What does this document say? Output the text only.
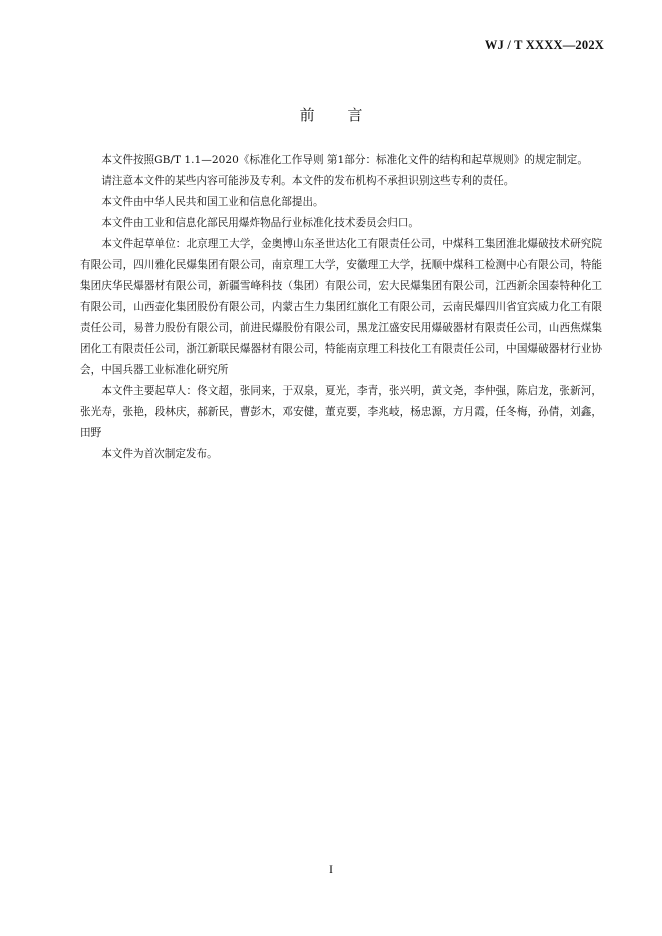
WJ / T XXXX—202X
前 言

本文件按照GB/T 1.1—2020《标准化工作导则 第1部分：标准化文件的结构和起草规则》的规定制定。

请注意本文件的某些内容可能涉及专利。本文件的发布机构不承担识别这些专利的责任。

本文件由中华人民共和国工业和信息化部提出。

本文件由工业和信息化部民用爆炸物品行业标准化技术委员会归口。

本文件起草单位：北京理工大学，金奥博山东圣世达化工有限责任公司，中煤科工集团淮北爆破技术研究院有限公司，四川雅化民爆集团有限公司，南京理工大学，安徽理工大学，抚顺中煤科工检测中心有限公司，特能集团庆华民爆器材有限公司，新疆雪峰科技（集团）有限公司，宏大民爆集团有限公司，江西新余国泰特种化工有限公司，山西壶化集团股份有限公司，内蒙古生力集团红旗化工有限公司，云南民爆四川省宜宾威力化工有限责任公司，易普力股份有限公司，前进民爆股份有限公司，黑龙江盛安民用爆破器材有限责任公司，山西焦煤集团化工有限责任公司，浙江新联民爆器材有限公司，特能南京理工科技化工有限责任公司，中国爆破器材行业协会，中国兵器工业标准化研究所

本文件主要起草人：佟文超，张同来，于双泉，夏光，李青，张兴明，黄文尧，李仲强，陈启龙，张新河，张光寿，张艳，段林庆，郝新民，曹彭木，邓安健，董克要，李兆岐，杨忠源，方月霞，任冬梅，孙倩，刘鑫，田野

本文件为首次制定发布。

I
